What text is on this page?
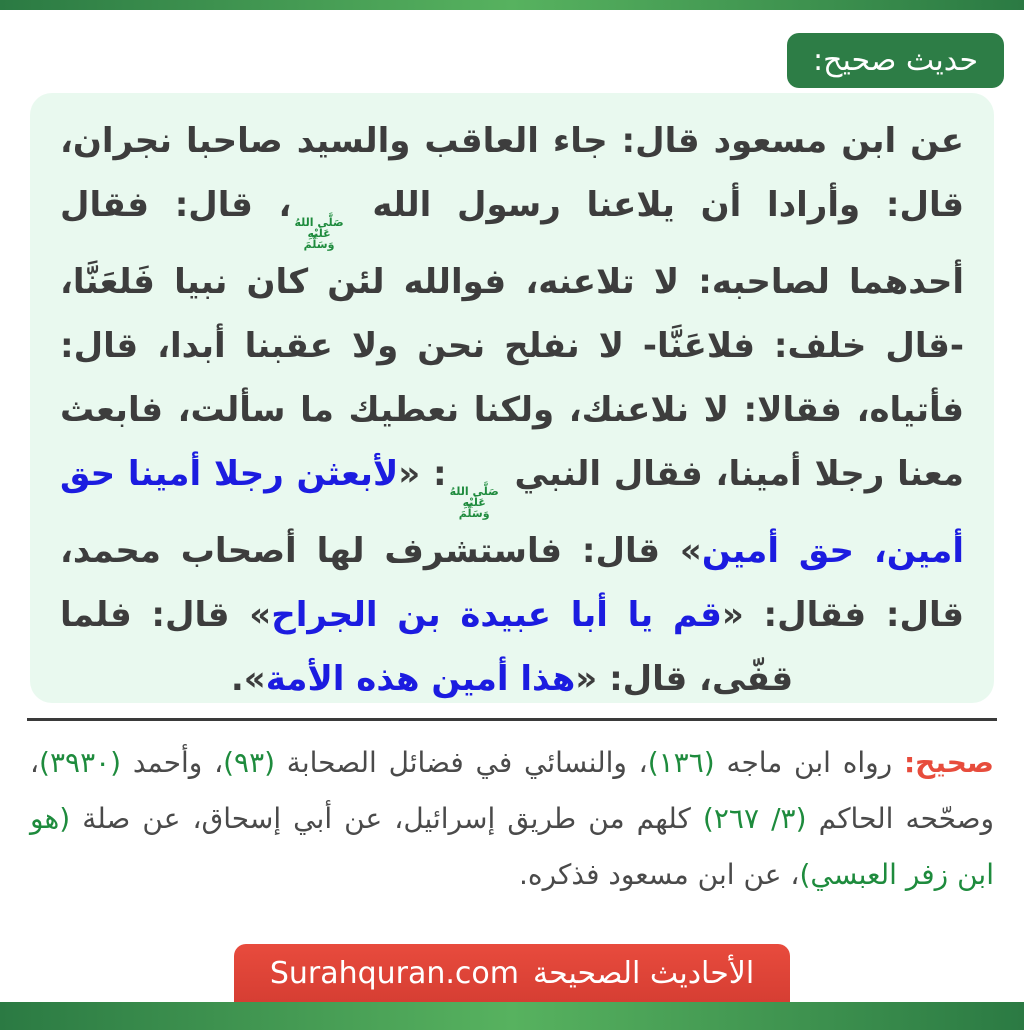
حديث صحيح:

عن ابن مسعود قال: جاء العاقب والسيد صاحبا نجران، قال: وأرادا أن يلاعنا رسول الله
صَلَّى اللهُ
عَلَيْهِ
وَسَلَّمَ
، قال: فقال أحدهما لصاحبه: لا تلاعنه، فوالله لئن كان نبيا فَلعَنَّا، -قال خلف: فلاعَنَّا- لا نفلح نحن ولا عقبنا أبدا، قال: فأتياه، فقالا: لا نلاعنك، ولكنا نعطيك ما سألت، فابعث معنا رجلا أمينا، فقال النبي
صَلَّى اللهُ
عَلَيْهِ
وَسَلَّمَ
: «لأبعثن رجلا أمينا حق أمين، حق أمين» قال: فاستشرف لها أصحاب محمد، قال: فقال: «قم يا أبا عبيدة بن الجراح» قال: فلما قفّى، قال: «هذا أمين هذه الأمة».

صحيح: رواه ابن ماجه (١٣٦)، والنسائي في فضائل الصحابة (٩٣)، وأحمد (٣٩٣٠)، وصحّحه الحاكم (٣/ ٢٦٧) كلهم من طريق إسرائيل، عن أبي إسحاق، عن صلة (هو ابن زفر العبسي)، عن ابن مسعود فذكره.

الأحاديث الصحيحة
Surahquran.com
